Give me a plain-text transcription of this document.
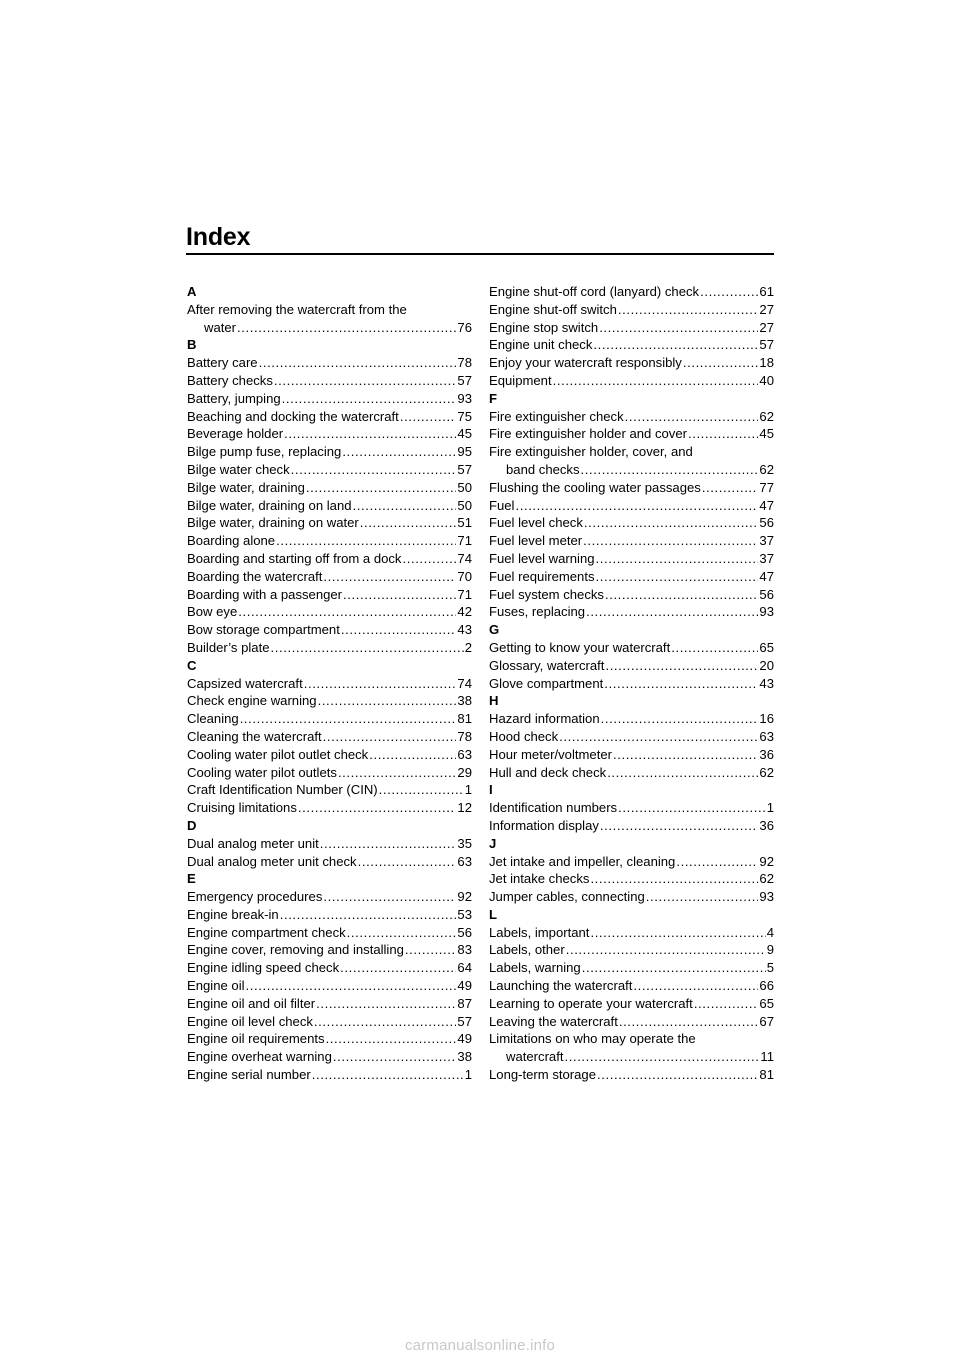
Index
A
After removing the watercraft from the
water .....	76
B
Battery care .....	78
Battery checks .....	57
Battery, jumping .....	93
Beaching and docking the watercraft .....	75
Beverage holder .....	45
Bilge pump fuse, replacing .....	95
Bilge water check .....	57
Bilge water, draining .....	50
Bilge water, draining on land .....	50
Bilge water, draining on water .....	51
Boarding alone .....	71
Boarding and starting off from a dock .....	74
Boarding the watercraft .....	70
Boarding with a passenger .....	71
Bow eye .....	42
Bow storage compartment .....	43
Builder’s plate .....	2
C
Capsized watercraft .....	74
Check engine warning .....	38
Cleaning .....	81
Cleaning the watercraft .....	78
Cooling water pilot outlet check .....	63
Cooling water pilot outlets .....	29
Craft Identification Number (CIN) .....	1
Cruising limitations .....	12
D
Dual analog meter unit .....	35
Dual analog meter unit check .....	63
E
Emergency procedures .....	92
Engine break-in .....	53
Engine compartment check .....	56
Engine cover, removing and installing .....	83
Engine idling speed check .....	64
Engine oil .....	49
Engine oil and oil filter .....	87
Engine oil level check .....	57
Engine oil requirements .....	49
Engine overheat warning .....	38
Engine serial number .....	1
Engine shut-off cord (lanyard) check .....	61
Engine shut-off switch .....	27
Engine stop switch .....	27
Engine unit check .....	57
Enjoy your watercraft responsibly .....	18
Equipment .....	40
F
Fire extinguisher check .....	62
Fire extinguisher holder and cover .....	45
Fire extinguisher holder, cover, and
band checks .....	62
Flushing the cooling water passages .....	77
Fuel .....	47
Fuel level check .....	56
Fuel level meter .....	37
Fuel level warning .....	37
Fuel requirements .....	47
Fuel system checks .....	56
Fuses, replacing .....	93
G
Getting to know your watercraft .....	65
Glossary, watercraft .....	20
Glove compartment .....	43
H
Hazard information .....	16
Hood check .....	63
Hour meter/voltmeter .....	36
Hull and deck check .....	62
I
Identification numbers .....	1
Information display .....	36
J
Jet intake and impeller, cleaning .....	92
Jet intake checks .....	62
Jumper cables, connecting .....	93
L
Labels, important .....	4
Labels, other .....	9
Labels, warning .....	5
Launching the watercraft .....	66
Learning to operate your watercraft .....	65
Leaving the watercraft .....	67
Limitations on who may operate the
watercraft .....	11
Long-term storage .....	81
carmanualsonline.info
